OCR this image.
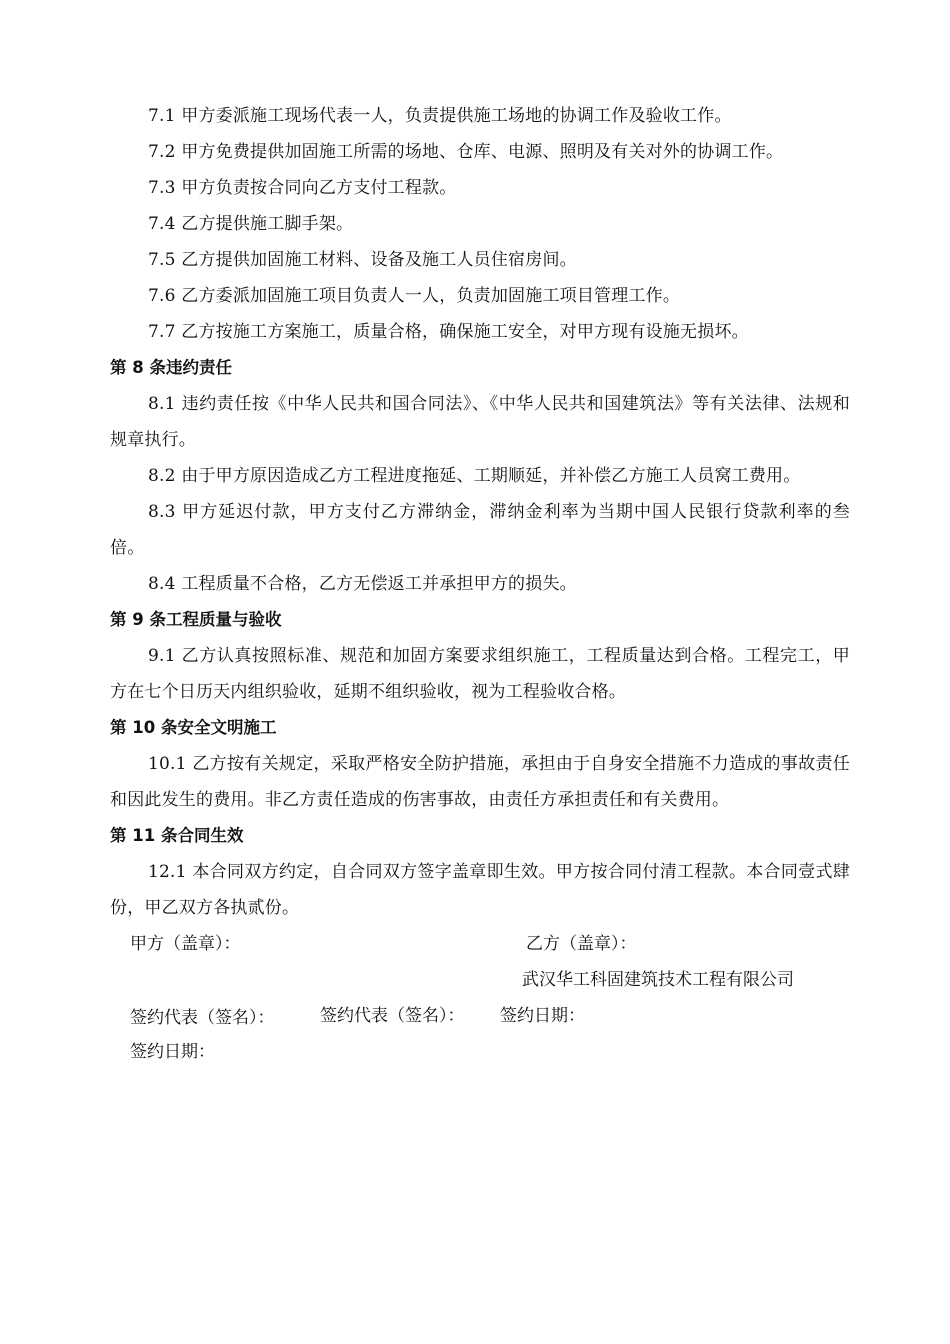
7.1 甲方委派施工现场代表一人，负责提供施工场地的协调工作及验收工作。

7.2 甲方免费提供加固施工所需的场地、仓库、电源、照明及有关对外的协调工作。

7.3 甲方负责按合同向乙方支付工程款。

7.4 乙方提供施工脚手架。

7.5 乙方提供加固施工材料、设备及施工人员住宿房间。

7.6 乙方委派加固施工项目负责人一人，负责加固施工项目管理工作。

7.7 乙方按施工方案施工，质量合格，确保施工安全，对甲方现有设施无损坏。

第 8 条违约责任

8.1 违约责任按《中华人民共和国合同法》、《中华人民共和国建筑法》等有关法律、法规和规章执行。

8.2 由于甲方原因造成乙方工程进度拖延、工期顺延，并补偿乙方施工人员窝工费用。

8.3 甲方延迟付款，甲方支付乙方滞纳金，滞纳金利率为当期中国人民银行贷款利率的叁倍。

8.4 工程质量不合格，乙方无偿返工并承担甲方的损失。

第 9 条工程质量与验收

9.1 乙方认真按照标准、规范和加固方案要求组织施工，工程质量达到合格。工程完工，甲方在七个日历天内组织验收，延期不组织验收，视为工程验收合格。

第 10 条安全文明施工

10.1 乙方按有关规定，采取严格安全防护措施，承担由于自身安全措施不力造成的事故责任和因此发生的费用。非乙方责任造成的伤害事故，由责任方承担责任和有关费用。

第 11 条合同生效

12.1 本合同双方约定，自合同双方签字盖章即生效。甲方按合同付清工程款。本合同壹式肆份，甲乙双方各执贰份。

甲方（盖章）：	乙方（盖章）：
武汉华工科固建筑技术工程有限公司
签约代表（签名）：	签约代表（签名）： 签约日期：
签约日期：
